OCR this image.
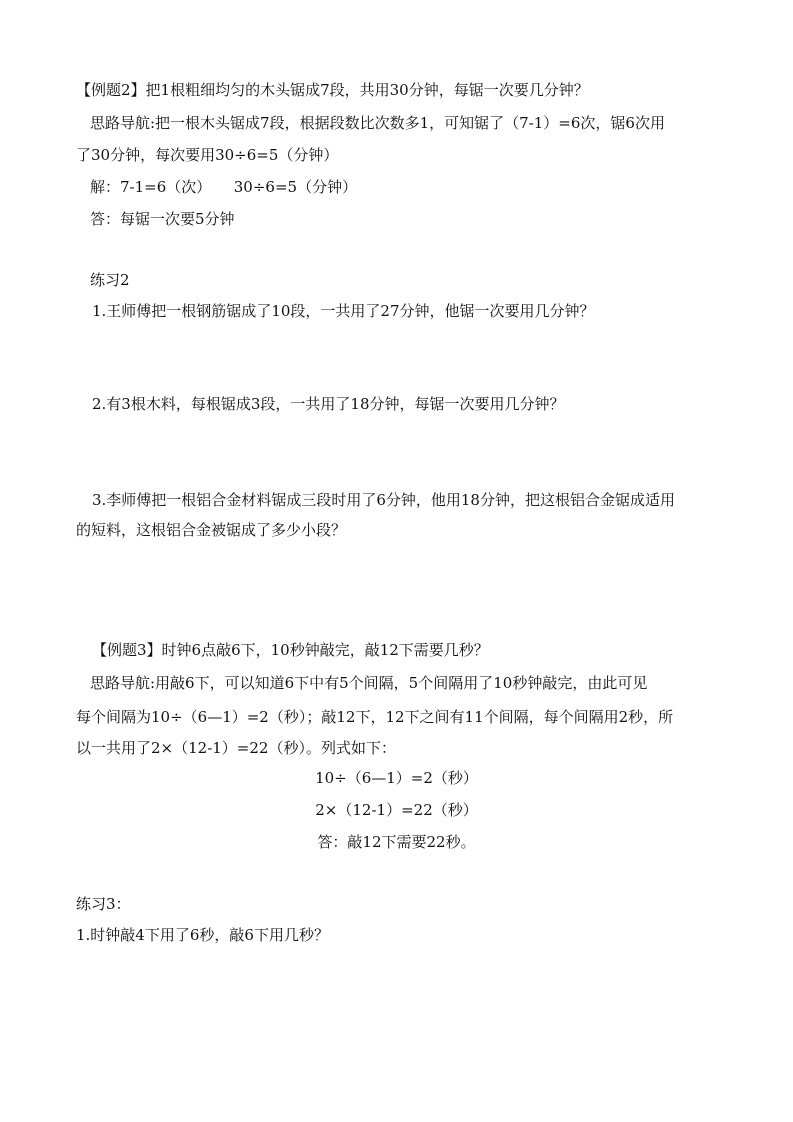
【例题2】把1根粗细均匀的木头锯成7段，共用30分钟，每锯一次要几分钟？
思路导航:把一根木头锯成7段，根据段数比次数多1，可知锯了（7-1）=6次，锯6次用
了30分钟，每次要用30÷6=5（分钟）
解：7-1=6（次）　　30÷6=5（分钟）
答：每锯一次要5分钟
练习2
1.王师傅把一根钢筋锯成了10段，一共用了27分钟，他锯一次要用几分钟？
2.有3根木料，每根锯成3段，一共用了18分钟，每锯一次要用几分钟？
3.李师傅把一根铝合金材料锯成三段时用了6分钟，他用18分钟，把这根铝合金锯成适用
的短料，这根铝合金被锯成了多少小段？
【例题3】时钟6点敲6下，10秒钟敲完，敲12下需要几秒？
思路导航:用敲6下，可以知道6下中有5个间隔，5个间隔用了10秒钟敲完，由此可见
每个间隔为10÷（6—1）=2（秒）；敲12下，12下之间有11个间隔，每个间隔用2秒，所
以一共用了2×（12-1）=22（秒）。列式如下：
10÷（6—1）=2（秒）
2×（12-1）=22（秒）
答：敲12下需要22秒。
练习3：
1.时钟敲4下用了6秒，敲6下用几秒？
